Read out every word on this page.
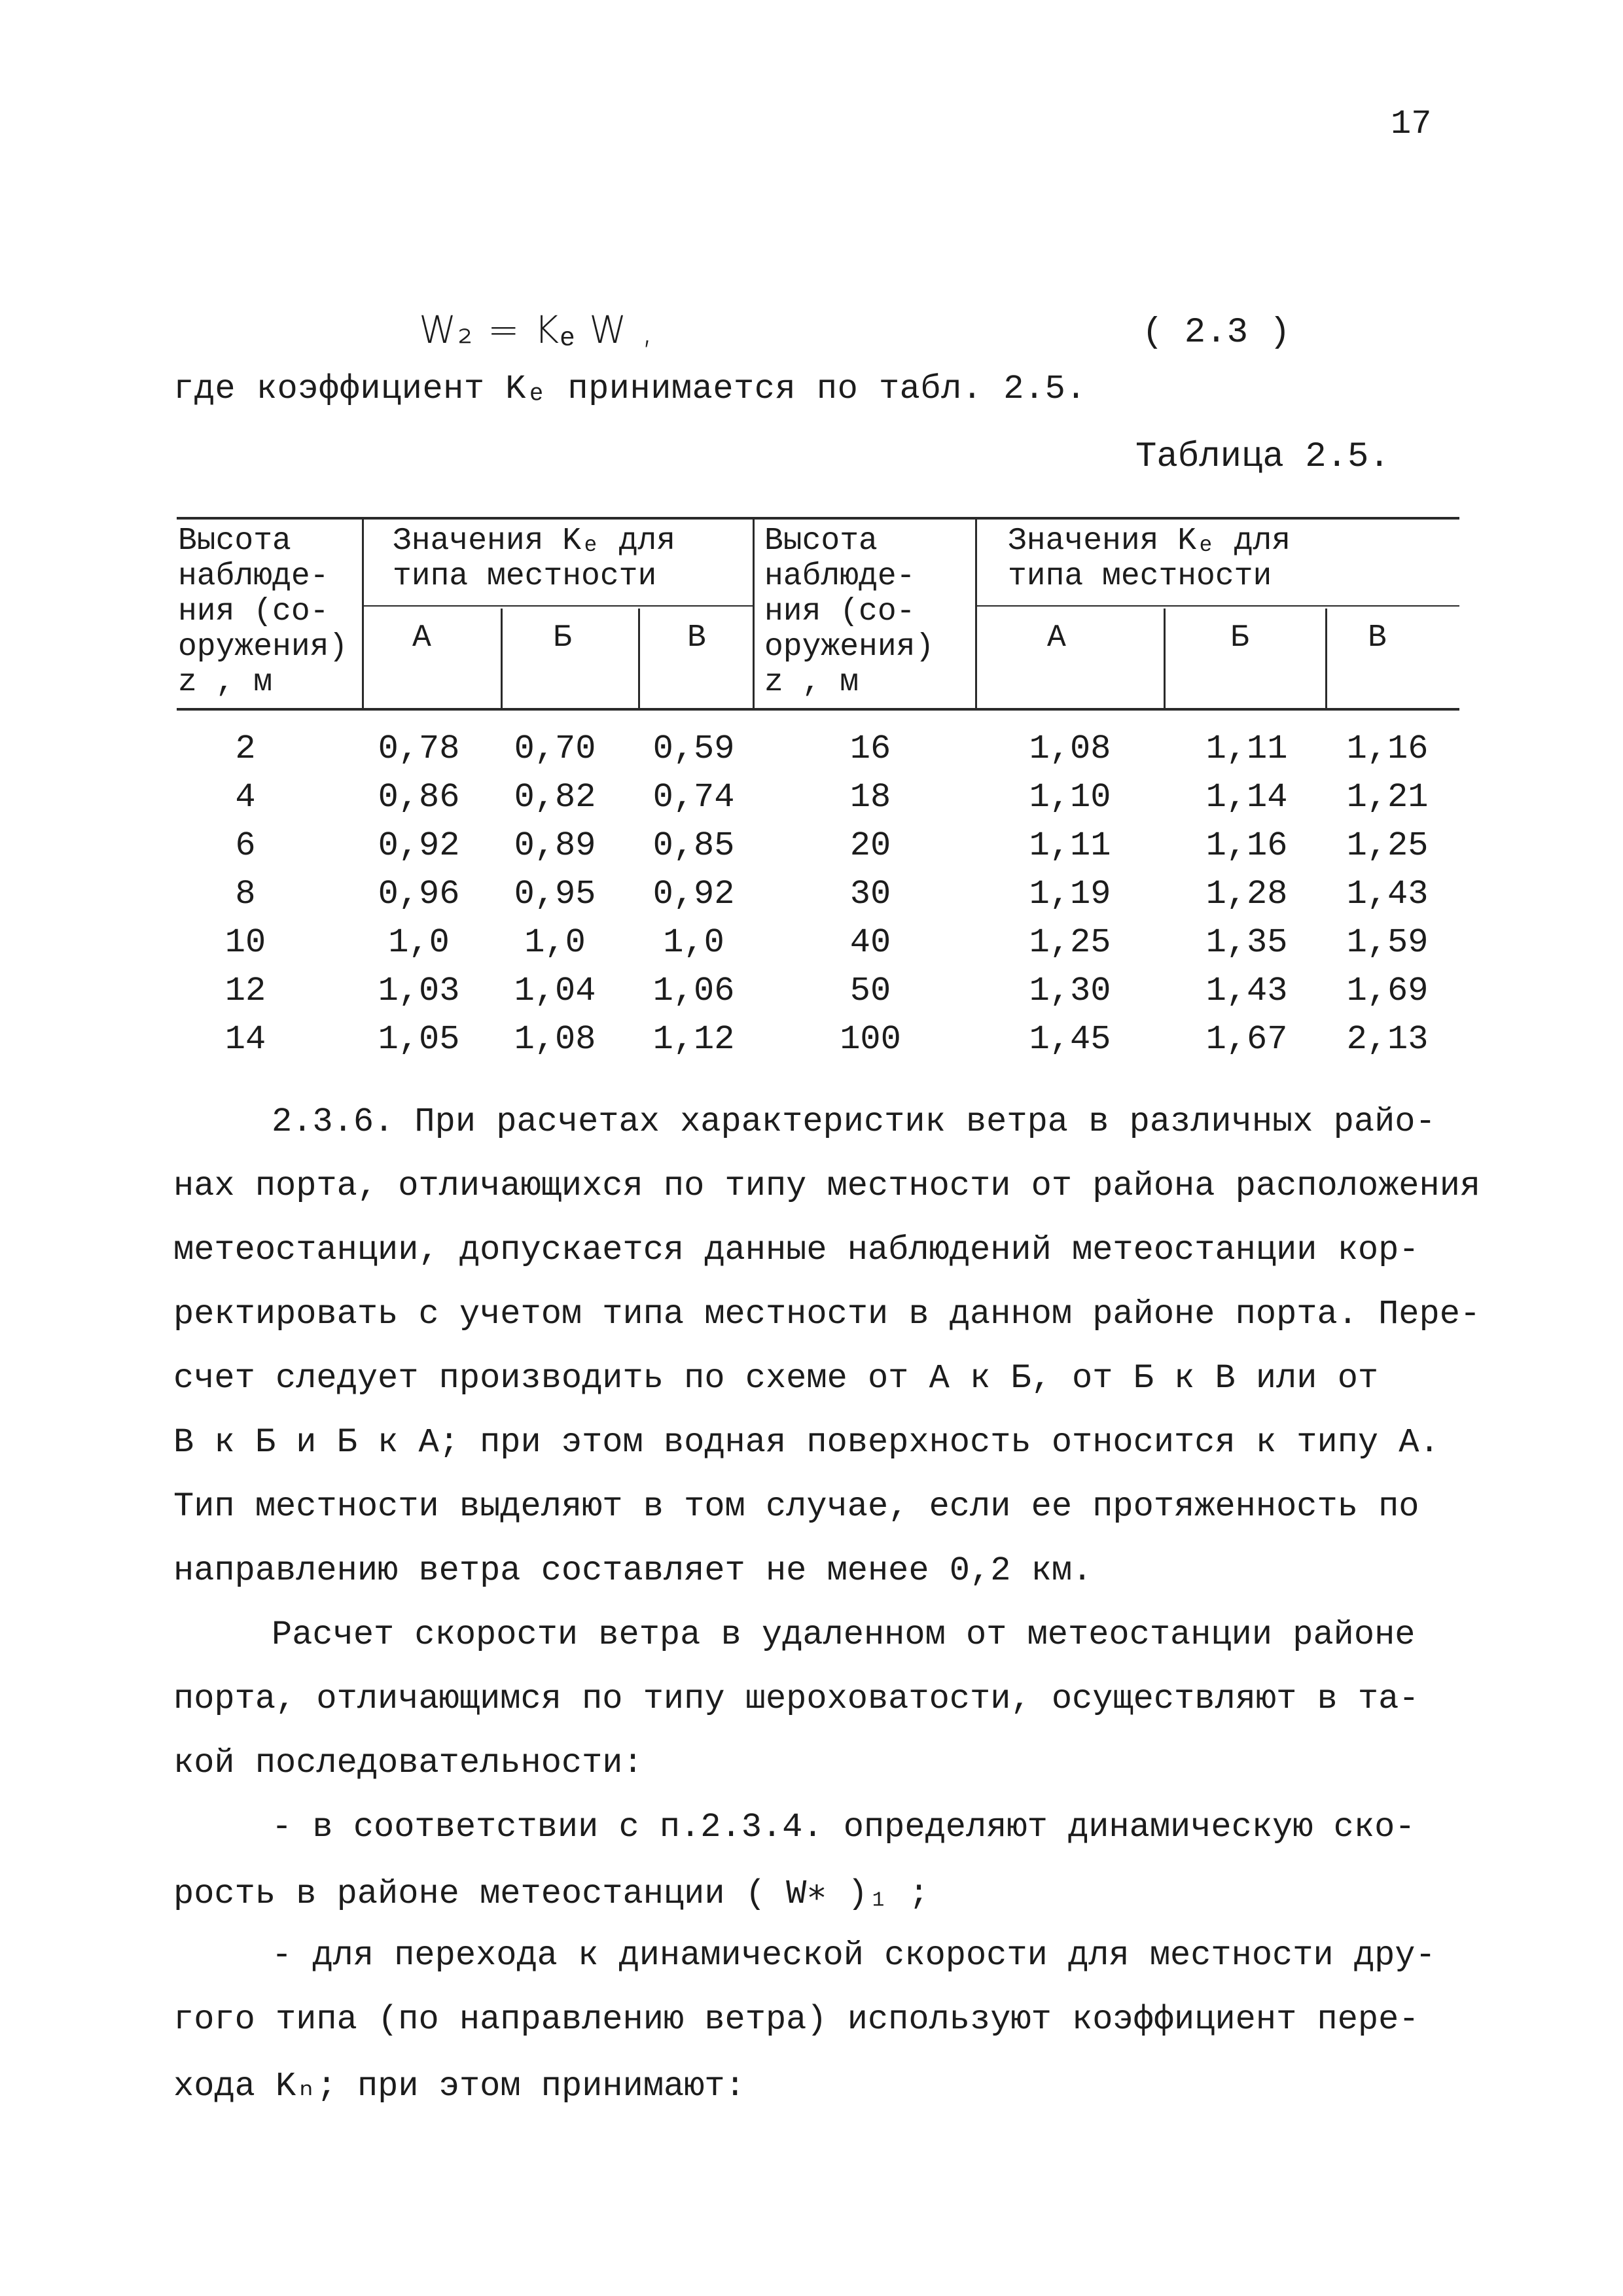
17
W₂ = Kₑ W ,	( 2.3 )
где коэффициент Kₑ принимается по табл. 2.5.
Таблица 2.5.
Высота
наблюде-
ния (со-
оружения)
z , м
Значения Kₑ для
типа местности
А	Б	В
Высота
наблюде-
ния (со-
оружения)
z , м
Значения Kₑ для
типа местности
А	Б	В
2	0,78	0,70	0,59	16	1,08	1,11	1,16
4	0,86	0,82	0,74	18	1,10	1,14	1,21
6	0,92	0,89	0,85	20	1,11	1,16	1,25
8	0,96	0,95	0,92	30	1,19	1,28	1,43
10	1,0	1,0	1,0	40	1,25	1,35	1,59
12	1,03	1,04	1,06	50	1,30	1,43	1,69
14	1,05	1,08	1,12	100	1,45	1,67	2,13
2.3.6. При расчетах характеристик ветра в различных райо-
нах порта, отличающихся по типу местности от района расположения
метеостанции, допускается данные наблюдений метеостанции кор-
ректировать с учетом типа местности в данном районе порта. Пере-
счет следует производить по схеме от А к Б, от Б к В или от
В к Б и Б к А; при этом водная поверхность относится к типу А.
Тип местности выделяют в том случае, если ее протяженность по
направлению ветра составляет не менее 0,2 км.
Расчет скорости ветра в удаленном от метеостанции районе
порта, отличающимся по типу шероховатости, осуществляют в та-
кой последовательности:
- в соответствии с п.2.3.4. определяют динамическую ско-
рость в районе метеостанции ( W∗ )₁ ;
- для перехода к динамической скорости для местности дру-
гого типа (по направлению ветра) используют коэффициент пере-
хода Kₙ; при этом принимают:
